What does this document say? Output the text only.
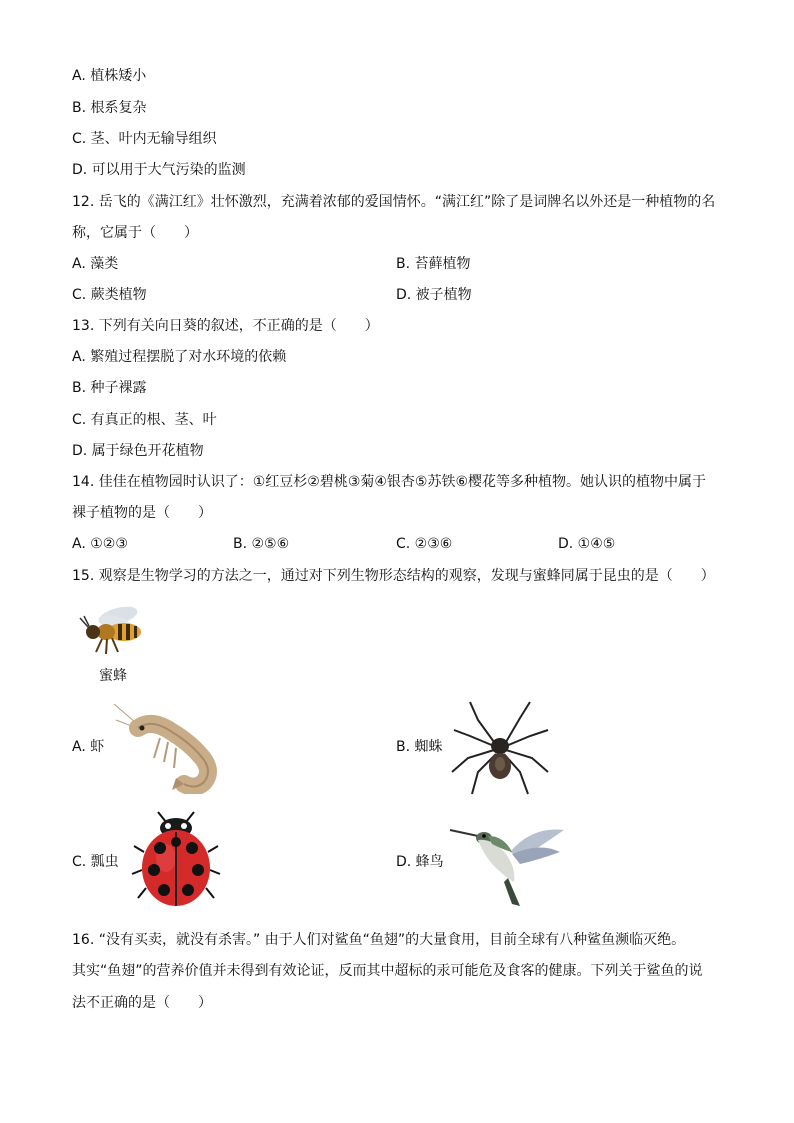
A. 植株矮小
B. 根系复杂
C. 茎、叶内无输导组织
D. 可以用于大气污染的监测
12. 岳飞的《满江红》壮怀激烈，充满着浓郁的爱国情怀。“满江红”除了是词牌名以外还是一种植物的名
称，它属于（　　）
A. 藻类	B. 苔藓植物
C. 蕨类植物	D. 被子植物
13. 下列有关向日葵的叙述，不正确的是（　　）
A. 繁殖过程摆脱了对水环境的依赖
B. 种子裸露
C. 有真正的根、茎、叶
D. 属于绿色开花植物
14. 佳佳在植物园时认识了：①红豆杉②碧桃③菊④银杏⑤苏铁⑥樱花等多种植物。她认识的植物中属于
裸子植物的是（　　）
A. ①②③	B. ②⑤⑥	C. ②③⑥	D. ①④⑤
15. 观察是生物学习的方法之一，通过对下列生物形态结构的观察，发现与蜜蜂同属于昆虫的是（　　）
蜜蜂
A. 虾	B. 蜘蛛
C. 瓢虫	D. 蜂鸟
16. “没有买卖，就没有杀害。” 由于人们对鲨鱼“鱼翅”的大量食用，目前全球有八种鲨鱼濒临灭绝。
其实“鱼翅”的营养价值并未得到有效论证，反而其中超标的汞可能危及食客的健康。下列关于鲨鱼的说
法不正确的是（　　）
